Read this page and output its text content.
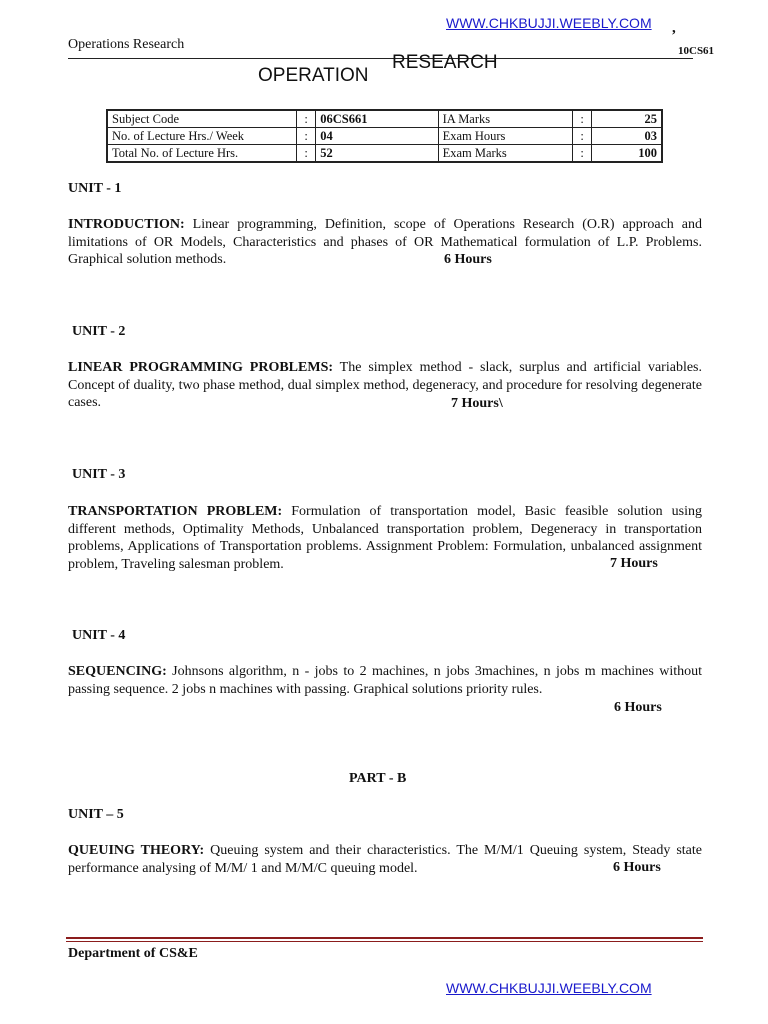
WWW.CHKBUJJI.WEEBLY.COM ,
Operations Research	10CS61
OPERATION
RESEARCH
Subject Code	:	06CS661	IA Marks	:	25
No. of Lecture Hrs./ Week	:	04	Exam Hours	:	03
Total No. of Lecture Hrs.	:	52	Exam Marks	:	100
UNIT - 1
INTRODUCTION: Linear programming, Definition, scope of Operations Research (O.R) approach and limitations of OR Models, Characteristics and phases of OR Mathematical formulation of L.P. Problems. Graphical solution methods.	6 Hours
UNIT - 2
LINEAR PROGRAMMING PROBLEMS: The simplex method - slack, surplus and artificial variables. Concept of duality, two phase method, dual simplex method, degeneracy, and procedure for resolving degenerate cases.	7 Hours\
UNIT - 3
TRANSPORTATION PROBLEM: Formulation of transportation model, Basic feasible solution using different methods, Optimality Methods, Unbalanced transportation problem, Degeneracy in transportation problems, Applications of Transportation problems. Assignment Problem: Formulation, unbalanced assignment problem, Traveling salesman problem.	7 Hours
UNIT - 4
SEQUENCING: Johnsons algorithm, n - jobs to 2 machines, n jobs 3machines, n jobs m machines without passing sequence. 2 jobs n machines with passing. Graphical solutions priority rules.
6 Hours
PART - B
UNIT – 5
QUEUING THEORY: Queuing system and their characteristics. The M/M/1 Queuing system, Steady state performance analysing of M/M/ 1 and M/M/C queuing model.	6 Hours
Department of CS&E
WWW.CHKBUJJI.WEEBLY.COM
